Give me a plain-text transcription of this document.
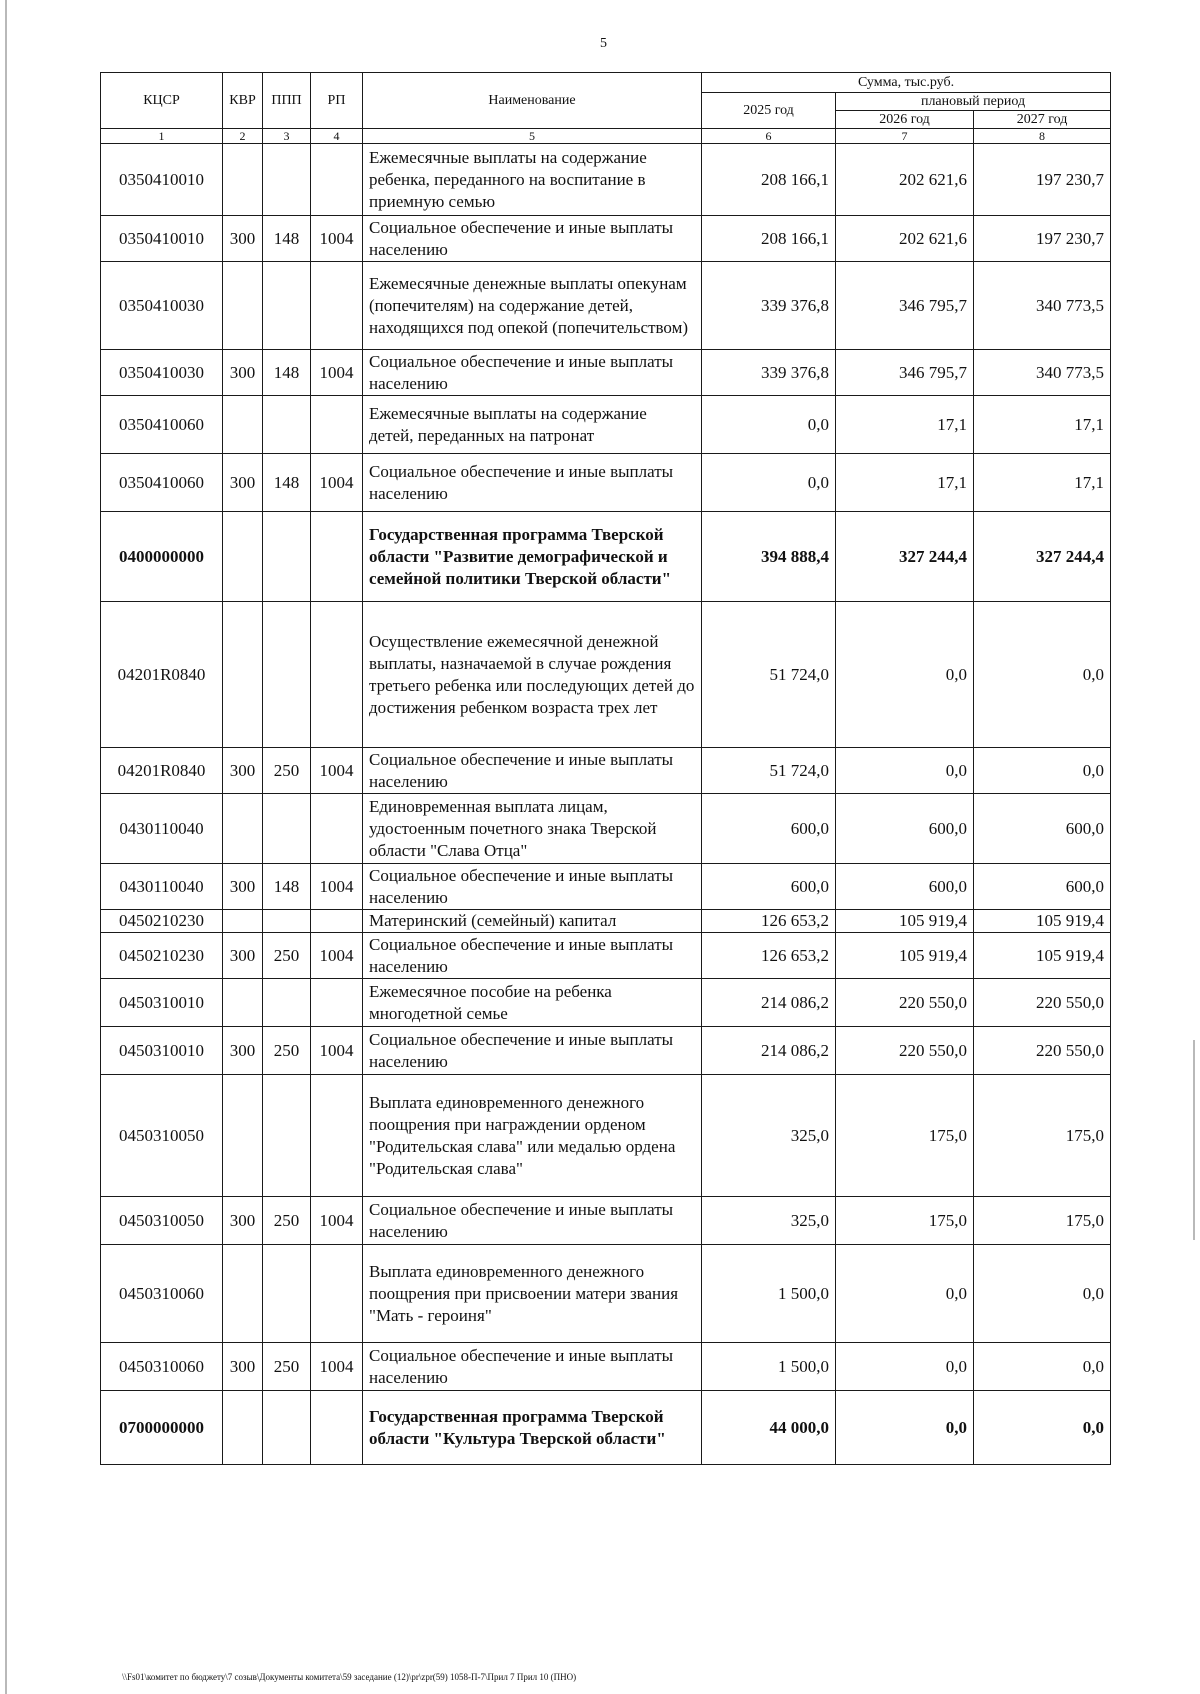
5
КЦСР	КВР	ППП	РП	Наименование	Сумма, тыс.руб.		
					2025 год	плановый период	
						2026 год	2027 год
1	2	3	4	5	6	7	8
0350410010				Ежемесячные выплаты на содержание ребенка, переданного на воспитание в приемную семью	208 166,1	202 621,6	197 230,7
0350410010	300	148	1004	Социальное обеспечение и иные выплаты населению	208 166,1	202 621,6	197 230,7
0350410030				Ежемесячные денежные выплаты опекунам (попечителям) на содержание детей, находящихся под опекой (попечительством)	339 376,8	346 795,7	340 773,5
0350410030	300	148	1004	Социальное обеспечение и иные выплаты населению	339 376,8	346 795,7	340 773,5
0350410060				Ежемесячные выплаты на содержание детей, переданных на патронат	0,0	17,1	17,1
0350410060	300	148	1004	Социальное обеспечение и иные выплаты населению	0,0	17,1	17,1
0400000000				Государственная программа Тверской области "Развитие демографической и семейной политики Тверской области"	394 888,4	327 244,4	327 244,4
04201R0840				Осуществление ежемесячной денежной выплаты, назначаемой в случае рождения третьего ребенка или последующих детей до достижения ребенком возраста трех лет	51 724,0	0,0	0,0
04201R0840	300	250	1004	Социальное обеспечение и иные выплаты населению	51 724,0	0,0	0,0
0430110040				Единовременная выплата лицам, удостоенным почетного знака Тверской области "Слава Отца"	600,0	600,0	600,0
0430110040	300	148	1004	Социальное обеспечение и иные выплаты населению	600,0	600,0	600,0
0450210230				Материнский (семейный) капитал	126 653,2	105 919,4	105 919,4
0450210230	300	250	1004	Социальное обеспечение и иные выплаты населению	126 653,2	105 919,4	105 919,4
0450310010				Ежемесячное пособие на ребенка многодетной семье	214 086,2	220 550,0	220 550,0
0450310010	300	250	1004	Социальное обеспечение и иные выплаты населению	214 086,2	220 550,0	220 550,0
0450310050				Выплата единовременного денежного поощрения при награждении орденом "Родительская слава" или медалью ордена "Родительская слава"	325,0	175,0	175,0
0450310050	300	250	1004	Социальное обеспечение и иные выплаты населению	325,0	175,0	175,0
0450310060				Выплата единовременного денежного поощрения при присвоении матери звания "Мать - героиня"	1 500,0	0,0	0,0
0450310060	300	250	1004	Социальное обеспечение и иные выплаты населению	1 500,0	0,0	0,0
0700000000				Государственная программа Тверской области "Культура Тверской области"	44 000,0	0,0	0,0
\\Fs01\комитет по бюджету\7 созыв\Документы комитета\59 заседание (12)\pr\zpr(59) 1058-П-7\Прил 7 Прил 10 (ПНО)
